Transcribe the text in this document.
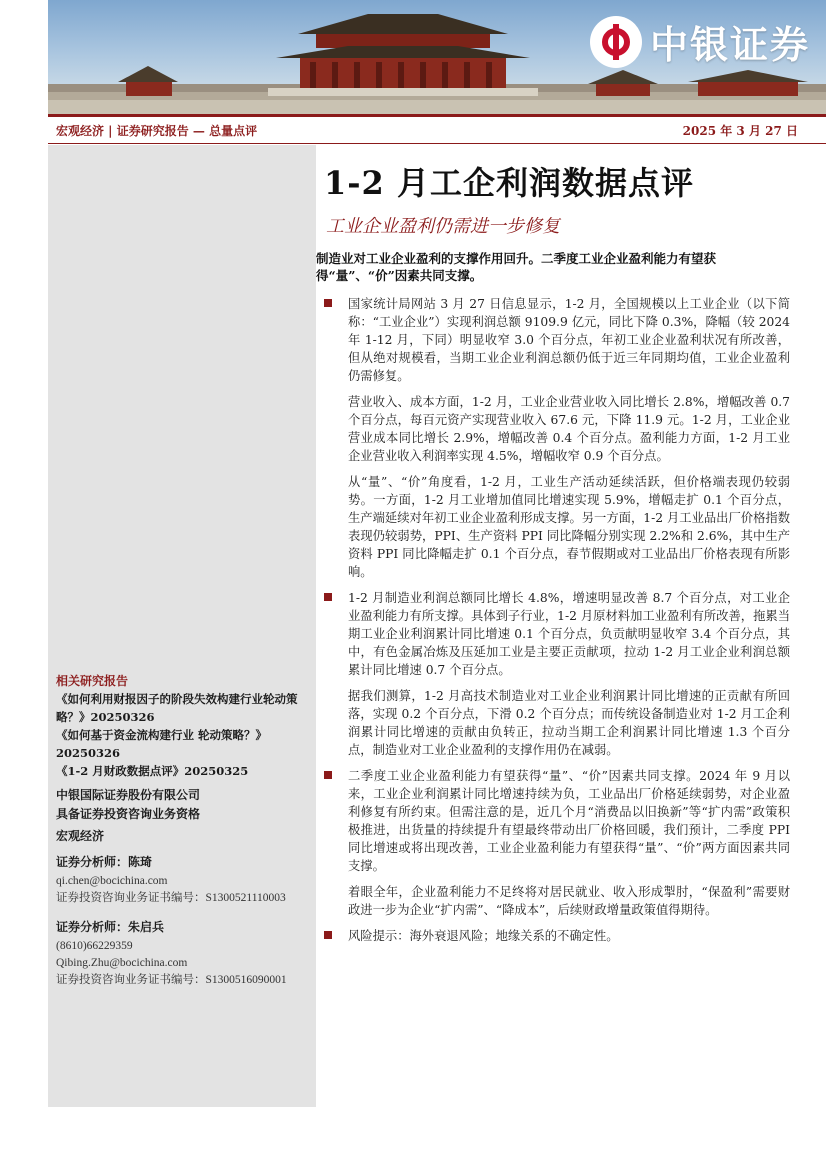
中银证券
宏观经济 | 证券研究报告 — 总量点评	2025 年 3 月 27 日
相关研究报告
《如何利用财报因子的阶段失效构建行业轮动策略？》20250326
《如何基于资金流构建行业 轮动策略？》20250326
《1-2 月财政数据点评》20250325
中银国际证券股份有限公司
具备证券投资咨询业务资格
宏观经济
证券分析师：陈琦
qi.chen@bocichina.com
证券投资咨询业务证书编号：S1300521110003
证券分析师：朱启兵
(8610)66229359
Qibing.Zhu@bocichina.com
证券投资咨询业务证书编号：S1300516090001
1-2 月工企利润数据点评
工业企业盈利仍需进一步修复
制造业对工业企业盈利的支撑作用回升。二季度工业企业盈利能力有望获得“量”、“价”因素共同支撑。

国家统计局网站 3 月 27 日信息显示，1-2 月，全国规模以上工业企业（以下简称：“工业企业”）实现利润总额 9109.9 亿元，同比下降 0.3%，降幅（较 2024 年 1-12 月，下同）明显收窄 3.0 个百分点，年初工业企业盈利状况有所改善，但从绝对规模看，当期工业企业利润总额仍低于近三年同期均值，工业企业盈利仍需修复。

营业收入、成本方面，1-2 月，工业企业营业收入同比增长 2.8%，增幅改善 0.7 个百分点，每百元资产实现营业收入 67.6 元，下降 11.9 元。1-2 月，工业企业营业成本同比增长 2.9%，增幅改善 0.4 个百分点。盈利能力方面，1-2 月工业企业营业收入利润率实现 4.5%，增幅收窄 0.9 个百分点。

从“量”、“价”角度看，1-2 月，工业生产活动延续活跃，但价格端表现仍较弱势。一方面，1-2 月工业增加值同比增速实现 5.9%，增幅走扩 0.1 个百分点，生产端延续对年初工业企业盈利形成支撑。另一方面，1-2 月工业品出厂价格指数表现仍较弱势，PPI、生产资料 PPI 同比降幅分别实现 2.2%和 2.6%，其中生产资料 PPI 同比降幅走扩 0.1 个百分点，春节假期或对工业品出厂价格表现有所影响。

1-2 月制造业利润总额同比增长 4.8%，增速明显改善 8.7 个百分点，对工业企业盈利能力有所支撑。具体到子行业，1-2 月原材料加工业盈利有所改善，拖累当期工业企业利润累计同比增速 0.1 个百分点，负贡献明显收窄 3.4 个百分点，其中，有色金属冶炼及压延加工业是主要正贡献项，拉动 1-2 月工业企业利润总额累计同比增速 0.7 个百分点。

据我们测算，1-2 月高技术制造业对工业企业利润累计同比增速的正贡献有所回落，实现 0.2 个百分点，下滑 0.2 个百分点；而传统设备制造业对 1-2 月工企利润累计同比增速的贡献由负转正，拉动当期工企利润累计同比增速 1.3 个百分点，制造业对工业企业盈利的支撑作用仍在减弱。

二季度工业企业盈利能力有望获得“量”、“价”因素共同支撑。2024 年 9 月以来，工业企业利润累计同比增速持续为负，工业品出厂价格延续弱势，对企业盈利修复有所约束。但需注意的是，近几个月“消费品以旧换新”等“扩内需”政策积极推进，出货量的持续提升有望最终带动出厂价格回暖，我们预计，二季度 PPI 同比增速或将出现改善，工业企业盈利能力有望获得“量”、“价”两方面因素共同支撑。

着眼全年，企业盈利能力不足终将对居民就业、收入形成掣肘，“保盈利”需要财政进一步为企业“扩内需”、“降成本”，后续财政增量政策值得期待。

风险提示：海外衰退风险；地缘关系的不确定性。
